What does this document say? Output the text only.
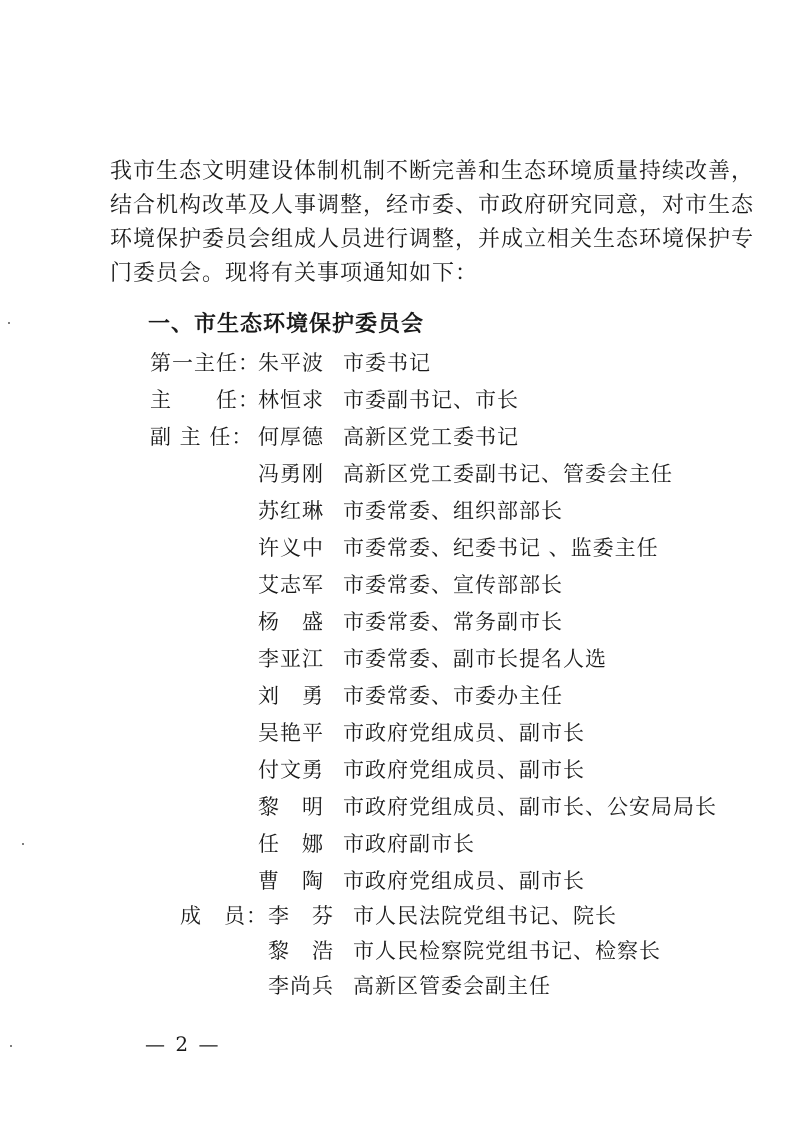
我市生态文明建设体制机制不断完善和生态环境质量持续改善，

结合机构改革及人事调整，经市委、市政府研究同意，对市生态

环境保护委员会组成人员进行调整，并成立相关生态环境保护专

门委员会。现将有关事项通知如下：

一、市生态环境保护委员会
第一主任：
朱平波 市委书记
主　　任：
林恒求 市委副书记、市长
副 主 任： 何厚德 高新区党工委书记
冯勇刚 高新区党工委副书记、管委会主任
苏红琳 市委常委、组织部部长
许义中 市委常委、纪委书记 、监委主任
艾志军 市委常委、宣传部部长
杨　盛 市委常委、常务副市长
李亚江 市委常委、副市长提名人选
刘　勇 市委常委、市委办主任
吴艳平 市政府党组成员、副市长
付文勇 市政府党组成员、副市长
黎　明 市政府党组成员、副市长、公安局局长
任　娜 市政府副市长
曹　陶 市政府党组成员、副市长
成　员： 李　芬 市人民法院党组书记、院长
黎　浩 市人民检察院党组书记、检察长
李尚兵 高新区管委会副主任
— 2 —
